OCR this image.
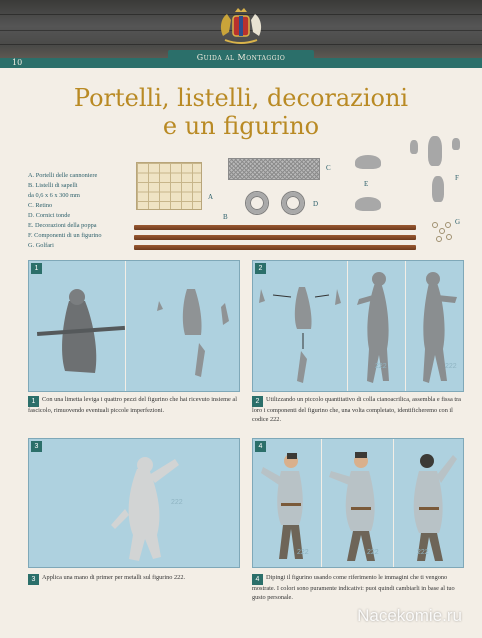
10
Guida al Montaggio
Portelli, listelli, decorazioni
e un figurino
A. Portelli delle cannoniere
B. Listelli di sapelli
da 0,6 x 6 x 300 mm
C. Retino
D. Cornici tonde
E. Decorazioni della poppa
F. Componenti di un figurino
G. Golfari
A
C
D
B
E
F
G
1
1 Con una limetta leviga i quattro pezzi del figurino che hai ricevuto insieme al fascicolo, rimuovendo eventuali piccole imperfezioni.
222	222
2
2 Utilizzando un piccolo quantitativo di colla cianoacrilica, assembla e fissa tra loro i componenti del figurino che, una volta completato, identificheremo con il codice 222.
222
3
3 Applica una mano di primer per metalli sul figurino 222.
222	222	222
4
4 Dipingi il figurino usando come riferimento le immagini che ti vengono mostrate. I colori sono puramente indicativi: puoi quindi cambiarli in base al tuo gusto personale.
Nacekomie.ru
